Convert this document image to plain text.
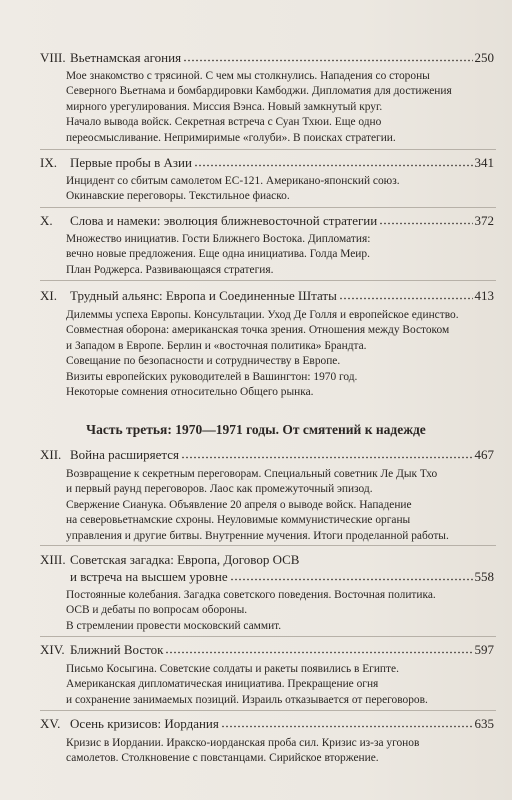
VIII. Вьетнамская агония	250
Мое знакомство с трясиной. С чем мы столкнулись. Нападения со стороны
Северного Вьетнама и бомбардировки Камбоджи. Дипломатия для достижения
мирного урегулирования. Миссия Вэнса. Новый замкнутый круг.
Начало вывода войск. Секретная встреча с Суан Тхюи. Еще одно
переосмысливание. Непримиримые «голуби». В поисках стратегии.
IX.	Первые пробы в Азии	341
Инцидент со сбитым самолетом ЕС-121. Американо-японский союз.
Окинавские переговоры. Текстильное фиаско.
X.	Слова и намеки: эволюция ближневосточной стратегии	372
Множество инициатив. Гости Ближнего Востока. Дипломатия:
вечно новые предложения. Еще одна инициатива. Голда Меир.
План Роджерса. Развивающаяся стратегия.
XI.	Трудный альянс: Европа и Соединенные Штаты	413
Дилеммы успеха Европы. Консультации. Уход Де Голля и европейское единство.
Совместная оборона: американская точка зрения. Отношения между Востоком
и Западом в Европе. Берлин и «восточная политика» Брандта.
Совещание по безопасности и сотрудничеству в Европе.
Визиты европейских руководителей в Вашингтон: 1970 год.
Некоторые сомнения относительно Общего рынка.
Часть третья: 1970—1971 годы. От смятений к надежде
XII. Война расширяется	467
Возвращение к секретным переговорам. Специальный советник Ле Дык Тхо
и первый раунд переговоров. Лаос как промежуточный эпизод.
Свержение Сианука. Объявление 20 апреля о выводе войск. Нападение
на северовьетнамские схроны. Неуловимые коммунистические органы
управления и другие битвы. Внутренние мучения. Итоги проделанной работы.
XIII. Советская загадка: Европа, Договор ОСВ
и встреча на высшем уровне	558
Постоянные колебания. Загадка советского поведения. Восточная политика.
ОСВ и дебаты по вопросам обороны.
В стремлении провести московский саммит.
XIV. Ближний Восток	597
Письмо Косыгина. Советские солдаты и ракеты появились в Египте.
Американская дипломатическая инициатива. Прекращение огня
и сохранение занимаемых позиций. Израиль отказывается от переговоров.
XV. Осень кризисов: Иордания	635
Кризис в Иордании. Иракско-иорданская проба сил. Кризис из-за угонов
самолетов. Столкновение с повстанцами. Сирийское вторжение.
